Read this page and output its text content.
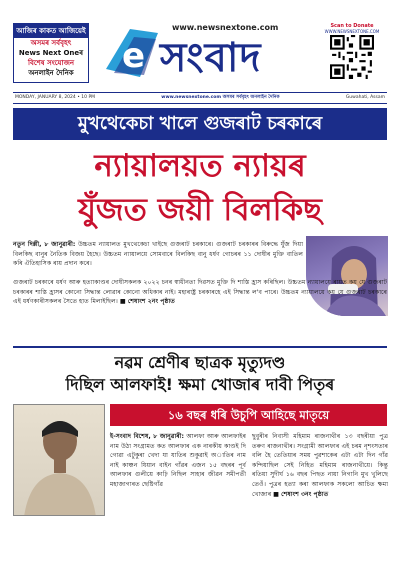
আজিৰ কাকত আজিয়েই
অসমৰ সৰ্ববৃহৎ
News Next Oneৰ
বিশেষ সংযোজন
অনলাইন দৈনিক
www.newsnextone.com
e সংবাদ
Scan to Donate
WWW.NEWSNEXTONE.COM
MONDAY, JANUARY 8, 2024 • 10 PM	www.newsnextone.com অসমৰ সৰ্ববৃহৎ অনলাইন দৈনিক	Guwahati, Assam
মুখথেকেচা খালে গুজৰাট চৰকাৰে
ন্যায়ালয়ত ন্যায়ৰ
যুঁজত জয়ী বিলকিছ
নতুন দিল্লী, ৮ জানুৱাৰী: উচ্চতম ন্যায়ালত মুখথেকেচা খাইছে গুজৰাট চৰকাৰে। গুজৰাট চৰকাৰৰ বিৰুদ্ধে যুঁজ দিয়া বিলকিছ বানুৰ নৈতিক বিজয় হৈছে। উচ্চতম ন্যায়ালয়ে সোমবাৰে বিলকিছ বানু ধৰ্ষণ গোচৰৰ ১১ দোষীৰ মুক্তি বাতিল কৰি ঐতিহাসিক ৰায় প্ৰদান কৰে।
গুজৰাট চৰকাৰে ধৰ্ষণ আৰু হত্যাকাণ্ডৰ দোষীসকলক ২০২২ চনৰ স্বাধীনতা দিৱসত মুক্তি দি শাস্তি হ্ৰাস কৰিছিল। উচ্চতম ন্যায়ালয়ে ৰায়ত কয় যে গুজৰাট চৰকাৰৰ শাস্তি হ্ৰাসৰ কোনো সিদ্ধান্ত লোৱাৰ কোনো অধিকাৰ নাই। মহাৰাষ্ট্ৰ চৰকাৰহে এই সিদ্ধান্ত ল'ব পাৰে। উচ্চতম ন্যায়ালয়ে কয় যে গুজৰাট চৰকাৰে এই ধৰ্ষণকাৰীসকলৰ সৈতে হাত মিলাইছিল। ■ শেষাংশ ২নং পৃষ্ঠাত
নৱম শ্ৰেণীৰ ছাত্ৰক মৃত্যুদণ্ড
দিছিল আলফাই! ক্ষমা খোজাৰ দাবী পিতৃৰ
১৬ বছৰ ধৰি উচুপি আহিছে মাতৃয়ে
ই-সংবাদ বিশেষ, ৮ জানুৱাৰী: আলফা আৰু আলফাইৰ নাম উঠা সংগ্ৰামত কত আলফাৰ এক নাৰকীয় কাণ্ডই দি গোৱা এটুকুৰা খেদা যা যাতিৰ শুকুৱাই অাতিৰ নাম নাই কাঞ্চন যিয়ান বাইন গাঁৱৰ এজন ১৫ বছৰৰ পূৰ্ব আলফাৰ গুলীয়ে কাঢ়ি নিছিল সাহাৰ জীৱন সমীপৰ্তী মহাজাগাৰত ছেষ্টিগাঁৱ
ছুবুৰীৰ নিবাসী মহিমাম ৰাজনাথীৰ ১৩ বছৰীয়া পুত্ৰ তৰুণ ৰাজনাথীৰ। সংগ্ৰামী আলফাৰ এই চৰম নৃশংসতাৰ বলি হৈ তেতিয়াৰ সময় পুৱশাকেৰ এটা এটা দিন গাঁৱ কন্দিয়াছিল সেই নিহিত মহিমাম ৰাজনাথীয়ে। কিন্তু ৰতিয়া সুদীৰ্ঘ ১৬ বছৰ পিছত নায়া নিগানি মুখ খুলিছে তেওঁ। পুত্ৰৰ হত্যা কৰা আলফাক সকলো আচিত ক্ষমা খোজাৰ ■ শেষাংশ ৩নং পৃষ্ঠাত
